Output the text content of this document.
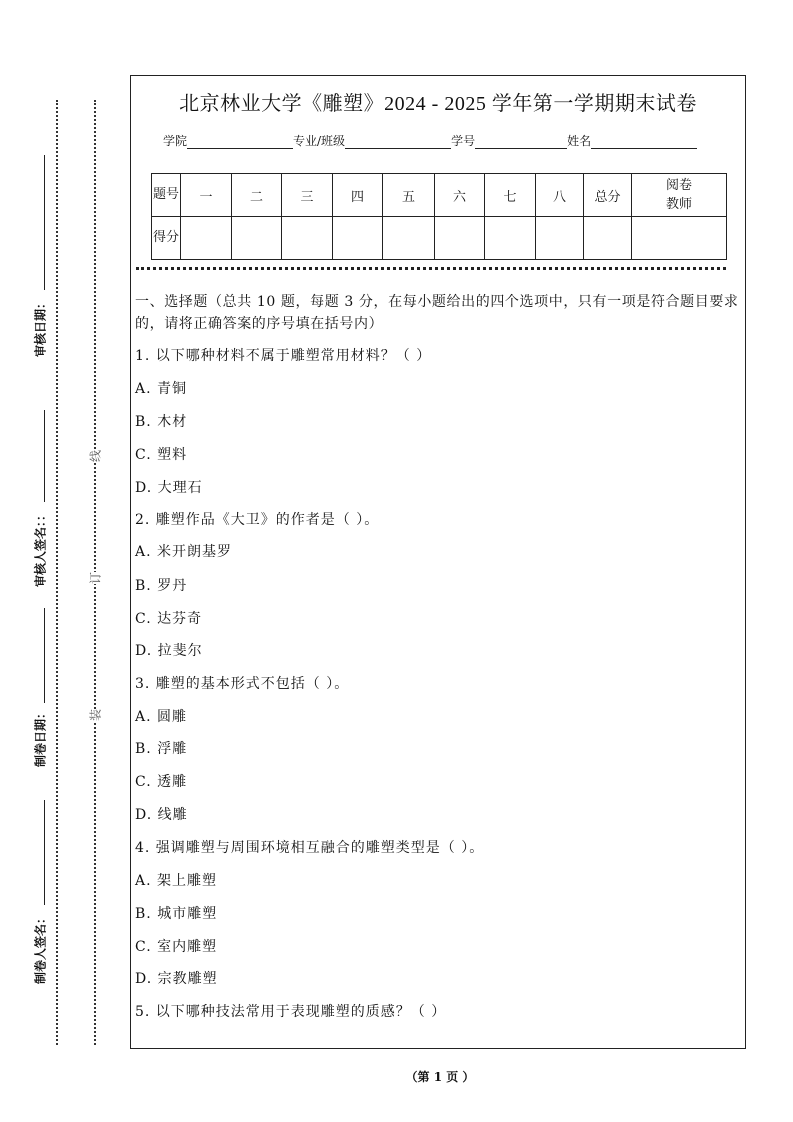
审核日期：
审核人签名：：
制卷日期：
制卷人签名：
线
订
装
北京林业大学《雕塑》2024 - 2025 学年第一学期期末试卷
学院	专业/班级	学号	姓名
题号	一	二	三	四	五	六	七	八	总分	阅卷教师
得分										
一、选择题（总共 10 题，每题 3 分，在每小题给出的四个选项中，只有一项是符合题目要求的，请将正确答案的序号填在括号内）
1. 以下哪种材料不属于雕塑常用材料？（ ）
A. 青铜
B. 木材
C. 塑料
D. 大理石
2. 雕塑作品《大卫》的作者是（ ）。
A. 米开朗基罗
B. 罗丹
C. 达芬奇
D. 拉斐尔
3. 雕塑的基本形式不包括（ ）。
A. 圆雕
B. 浮雕
C. 透雕
D. 线雕
4. 强调雕塑与周围环境相互融合的雕塑类型是（ ）。
A. 架上雕塑
B. 城市雕塑
C. 室内雕塑
D. 宗教雕塑
5. 以下哪种技法常用于表现雕塑的质感？（ ）
（第 1 页 ）
